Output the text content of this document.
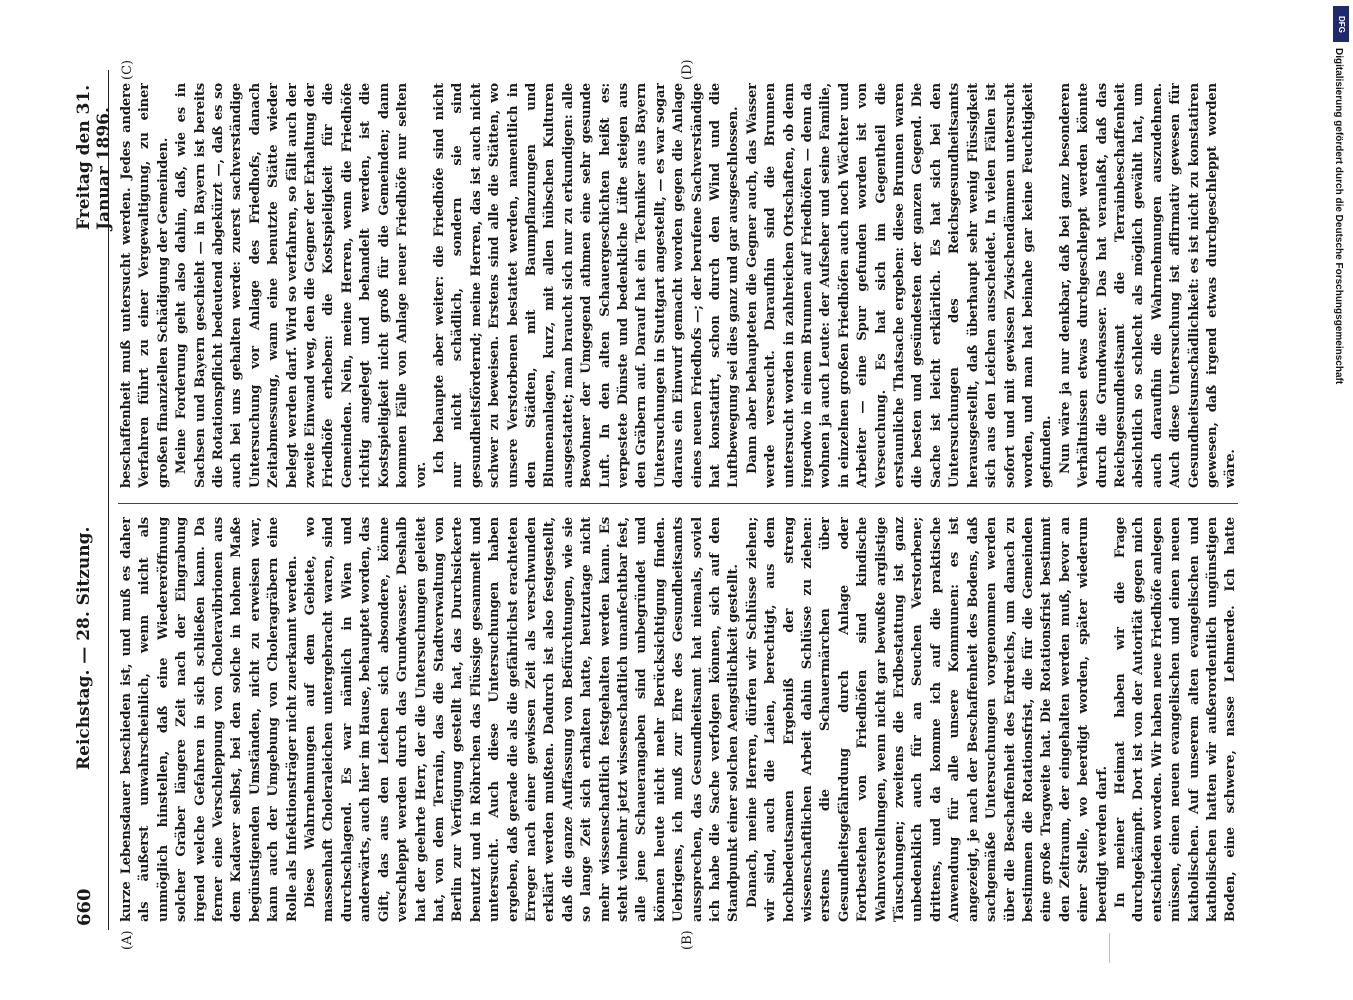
660
Reichstag. — 28. Sitzung.
Freitag den 31. Januar 1896.

kurze Lebensdauer beschieden ist, und muß es daher als äußerst unwahrscheinlich, wenn nicht als unmöglich hinstellen, daß eine Wiedereröffnung solcher Gräber längere Zeit nach der Eingrabung irgend welche Gefahren in sich schließen kann. Da ferner eine Verschleppung von Choleravibrionen aus dem Kadaver selbst, bei den solche in hohem Maße begünstigenden Umständen, nicht zu erweisen war, kann auch der Umgebung von Choleragräbern eine Rolle als Infektionsträger nicht zuerkannt werden. Diese Wahrnehmungen auf dem Gebiete, wo massenhaft Choleraleichen untergebracht waren, sind durchschlagend. Es war nämlich in Wien und anderwärts, auch hier im Hause, behauptet worden, das Gift, das aus den Leichen sich absondere, könne verschleppt werden durch das Grundwasser. Deshalb hat der geehrte Herr, der die Untersuchungen geleitet hat, von dem Terrain, das die Stadtverwaltung von Berlin zur Verfügung gestellt hat, das Durchsickerte benutzt und in Röhrchen das Flüssige gesammelt und untersucht. Auch diese Untersuchungen haben ergeben, daß gerade die als die gefährlichst erachteten Erreger nach einer gewissen Zeit als verschwunden erklärt werden mußten. Dadurch ist also festgestellt, daß die ganze Auffassung von Befürchtungen, wie sie so lange Zeit sich erhalten hatte, heutzutage nicht mehr wissenschaftlich festgehalten werden kann. Es steht vielmehr jetzt wissenschaftlich unanfechtbar fest, alle jene Schauerangaben sind unbegründet und können heute nicht mehr Berücksichtigung finden. Uebrigens, ich muß zur Ehre des Gesundheitsamts aussprechen, das Gesundheitsamt hat niemals, soviel ich habe die Sache verfolgen können, sich auf den Standpunkt einer solchen Aengstlichkeit gestellt. Danach, meine Herren, dürfen wir Schlüsse ziehen; wir sind, auch die Laien, berechtigt, aus dem hochbedeutsamen Ergebniß der streng wissenschaftlichen Arbeit dahin Schlüsse zu ziehen: erstens die Schauermärchen über Gesundheitsgefährdung durch Anlage oder Fortbestehen von Friedhöfen sind kindische Wahnvorstellungen, wenn nicht gar bewußte arglistige Täuschungen; zweitens die Erdbestattung ist ganz unbedenklich auch für an Seuchen Verstorbene; drittens, und da komme ich auf die praktische Anwendung für alle unsere Kommunen: es ist angezeigt, je nach der Beschaffenheit des Bodens, daß sachgemäße Untersuchungen vorgenommen werden über die Beschaffenheit des Erdreichs, um danach zu bestimmen die Rotationsfrist, die für die Gemeinden eine große Tragweite hat. Die Rotationsfrist bestimmt den Zeitraum, der eingehalten werden muß, bevor an einer Stelle, wo beerdigt worden, später wiederum beerdigt werden darf. In meiner Heimat haben wir die Frage durchgekämpft. Dort ist von der Autorität gegen mich entschieden worden. Wir haben neue Friedhöfe anlegen müssen, einen neuen evangelischen und einen neuen katholischen. Auf unserem alten evangelischen und katholischen hatten wir außerordentlich ungünstigen Boden, eine schwere, nasse Lehmerde. Ich hatte

beschaffenheit muß untersucht werden. Jedes andere Verfahren führt zu einer Vergewaltigung, zu einer großen finanziellen Schädigung der Gemeinden. Meine Forderung geht also dahin, daß, wie es in Sachsen und Bayern geschieht — in Bayern ist bereits die Rotationspflicht bedeutend abgekürzt —, daß es so auch bei uns gehalten werde: zuerst sachverständige Untersuchung vor Anlage des Friedhofs, danach Zeitabmessung, wann eine benutzte Stätte wieder belegt werden darf. Wird so verfahren, so fällt auch der zweite Einwand weg, den die Gegner der Erhaltung der Friedhöfe erheben: die Kostspieligkeit für die Gemeinden. Nein, meine Herren, wenn die Friedhöfe richtig angelegt und behandelt werden, ist die Kostspieligkeit nicht groß für die Gemeinden; dann kommen Fälle von Anlage neuer Friedhöfe nur selten vor.

Ich behaupte aber weiter: die Friedhöfe sind nicht nur nicht schädlich, sondern sie sind gesundheitsfördernd; meine Herren, das ist auch nicht schwer zu beweisen. Erstens sind alle die Stätten, wo unsere Verstorbenen bestattet werden, namentlich in den Städten, mit Baumpflanzungen und Blumenanlagen, kurz, mit allen hübschen Kulturen ausgestattet; man braucht sich nur zu erkundigen: alle Bewohner der Umgegend athmen eine sehr gesunde Luft. In den alten Schauergeschichten heißt es: verpestete Dünste und bedenkliche Lüfte steigen aus den Gräbern auf. Darauf hat ein Techniker aus Bayern Untersuchungen in Stuttgart angestellt, — es war sogar daraus ein Einwurf gemacht worden gegen die Anlage eines neuen Friedhofs —; der berufene Sachverständige hat konstatirt, schon durch den Wind und die Luftbewegung sei dies ganz und gar ausgeschlossen. Dann aber behaupteten die Gegner auch, das Wasser werde verseucht. Daraufhin sind die Brunnen untersucht worden in zahlreichen Ortschaften, ob denn irgendwo in einem Brunnen auf Friedhöfen — denn da wohnen ja auch Leute: der Aufseher und seine Familie, in einzelnen großen Friedhöfen auch noch Wächter und Arbeiter — eine Spur gefunden worden ist von Verseuchung. Es hat sich im Gegentheil die erstaunliche Thatsache ergeben: diese Brunnen waren die besten und gesündesten der ganzen Gegend. Die Sache ist leicht erklärlich. Es hat sich bei den Untersuchungen des Reichsgesundheitsamts herausgestellt, daß überhaupt sehr wenig Flüssigkeit sich aus den Leichen ausscheidet. In vielen Fällen ist sofort und mit gewissen Zwischendämmen untersucht worden, und man hat beinahe gar keine Feuchtigkeit gefunden. Nun wäre ja nur denkbar, daß bei ganz besonderen Verhältnissen etwas durchgeschleppt werden könnte durch die Grundwasser. Das hat veranlaßt, daß das Reichsgesundheitsamt die Terrainbeschaffenheit absichtlich so schlecht als möglich gewählt hat, um auch daraufhin die Wahrnehmungen auszudehnen. Auch diese Untersuchung ist affirmativ gewesen für Gesundheitsunschädlichkeit: es ist nicht zu konstatiren gewesen, daß irgend etwas durchgeschleppt worden wäre.

(A)	(B)
(C)	(D)
DFG
Digitalisierung gefördert durch die Deutsche Forschungsgemeinschaft
